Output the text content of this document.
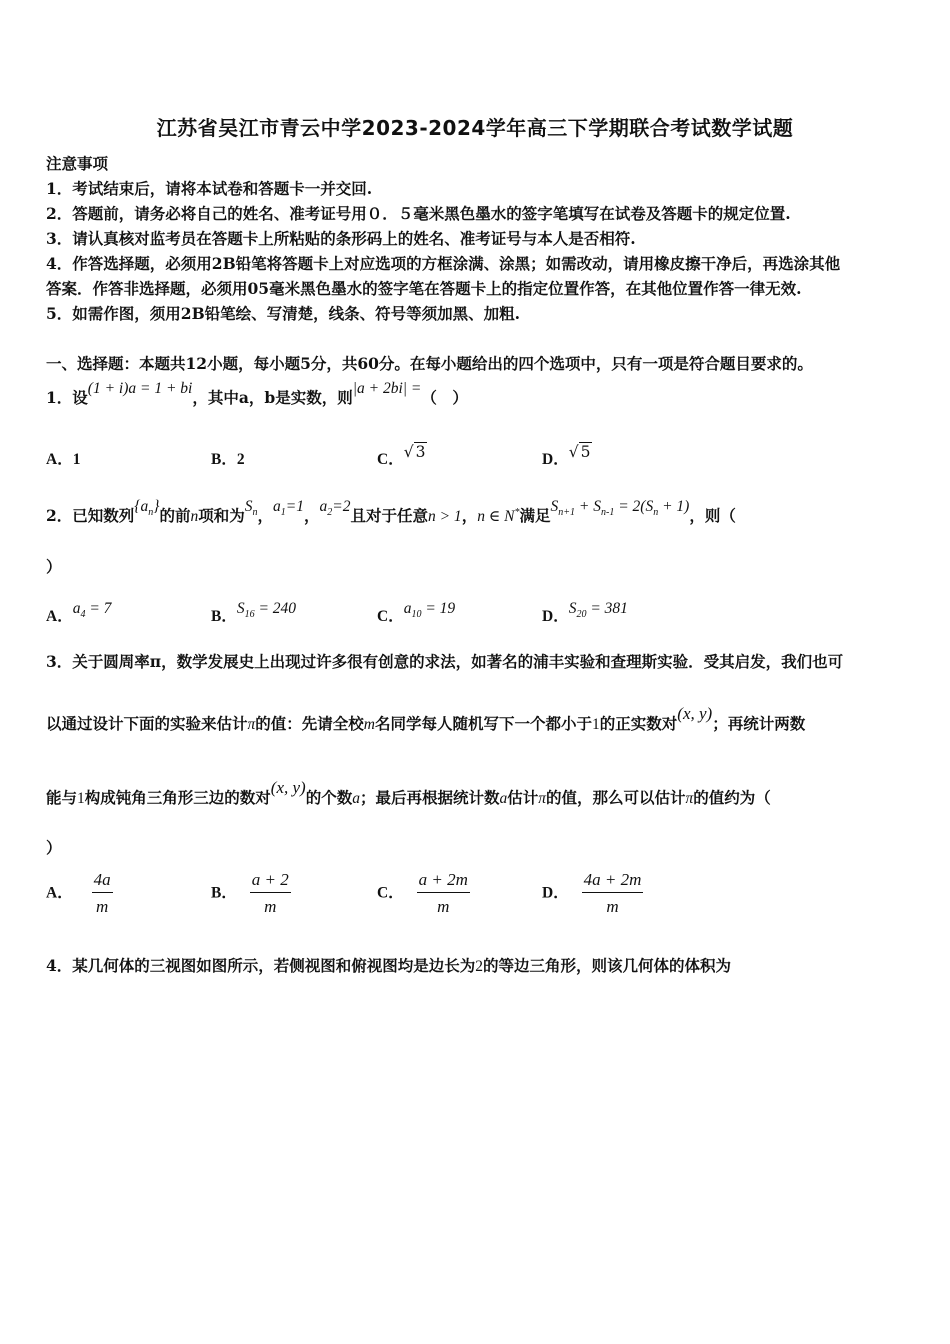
江苏省吴江市青云中学2023-2024学年高三下学期联合考试数学试题
注意事项
1．考试结束后，请将本试卷和答题卡一并交回.
2．答题前，请务必将自己的姓名、准考证号用０．５毫米黑色墨水的签字笔填写在试卷及答题卡的规定位置.
3．请认真核对监考员在答题卡上所粘贴的条形码上的姓名、准考证号与本人是否相符.
4．作答选择题，必须用2B铅笔将答题卡上对应选项的方框涂满、涂黑；如需改动，请用橡皮擦干净后，再选涂其他
答案．作答非选择题，必须用05毫米黑色墨水的签字笔在答题卡上的指定位置作答，在其他位置作答一律无效.
5．如需作图，须用2B铅笔绘、写清楚，线条、符号等须加黑、加粗.
一、选择题：本题共12小题，每小题5分，共60分。在每小题给出的四个选项中，只有一项是符合题目要求的。
1．设(1 + i)a = 1 + bi，其中a，b是实数，则|a + 2bi| =（　）
A．1	B．2	C．√ 3	D．√ 5
2．已知数列$\{a_n\}$的前n项和为$S_n$，$a_1=1$，$a_2=2$且对于任意n > 1，n ∈ N*满足$S_{n+1} + S_{n-1} = 2(S_n + 1)$，则（
）
A．$a_4 = 7$	B．$S_{16} = 240$	C．$a_{10} = 19$	D．$S_{20} = 381$
3．关于圆周率π，数学发展史上出现过许多很有创意的求法，如著名的浦丰实验和查理斯实验．受其启发，我们也可
以通过设计下面的实验来估计π的值：先请全校m名同学每人随机写下一个都小于1的正实数对(x, y)；再统计两数
能与1构成钝角三角形三边的数对(x, y)的个数a；最后再根据统计数a估计π的值，那么可以估计π的值约为（
）
A． $\frac{4a}{m}$	B． $\frac{a + 2}{m}$	C． $\frac{a + 2m}{m}$	D． $\frac{4a + 2m}{m}$
4．某几何体的三视图如图所示，若侧视图和俯视图均是边长为2的等边三角形，则该几何体的体积为
